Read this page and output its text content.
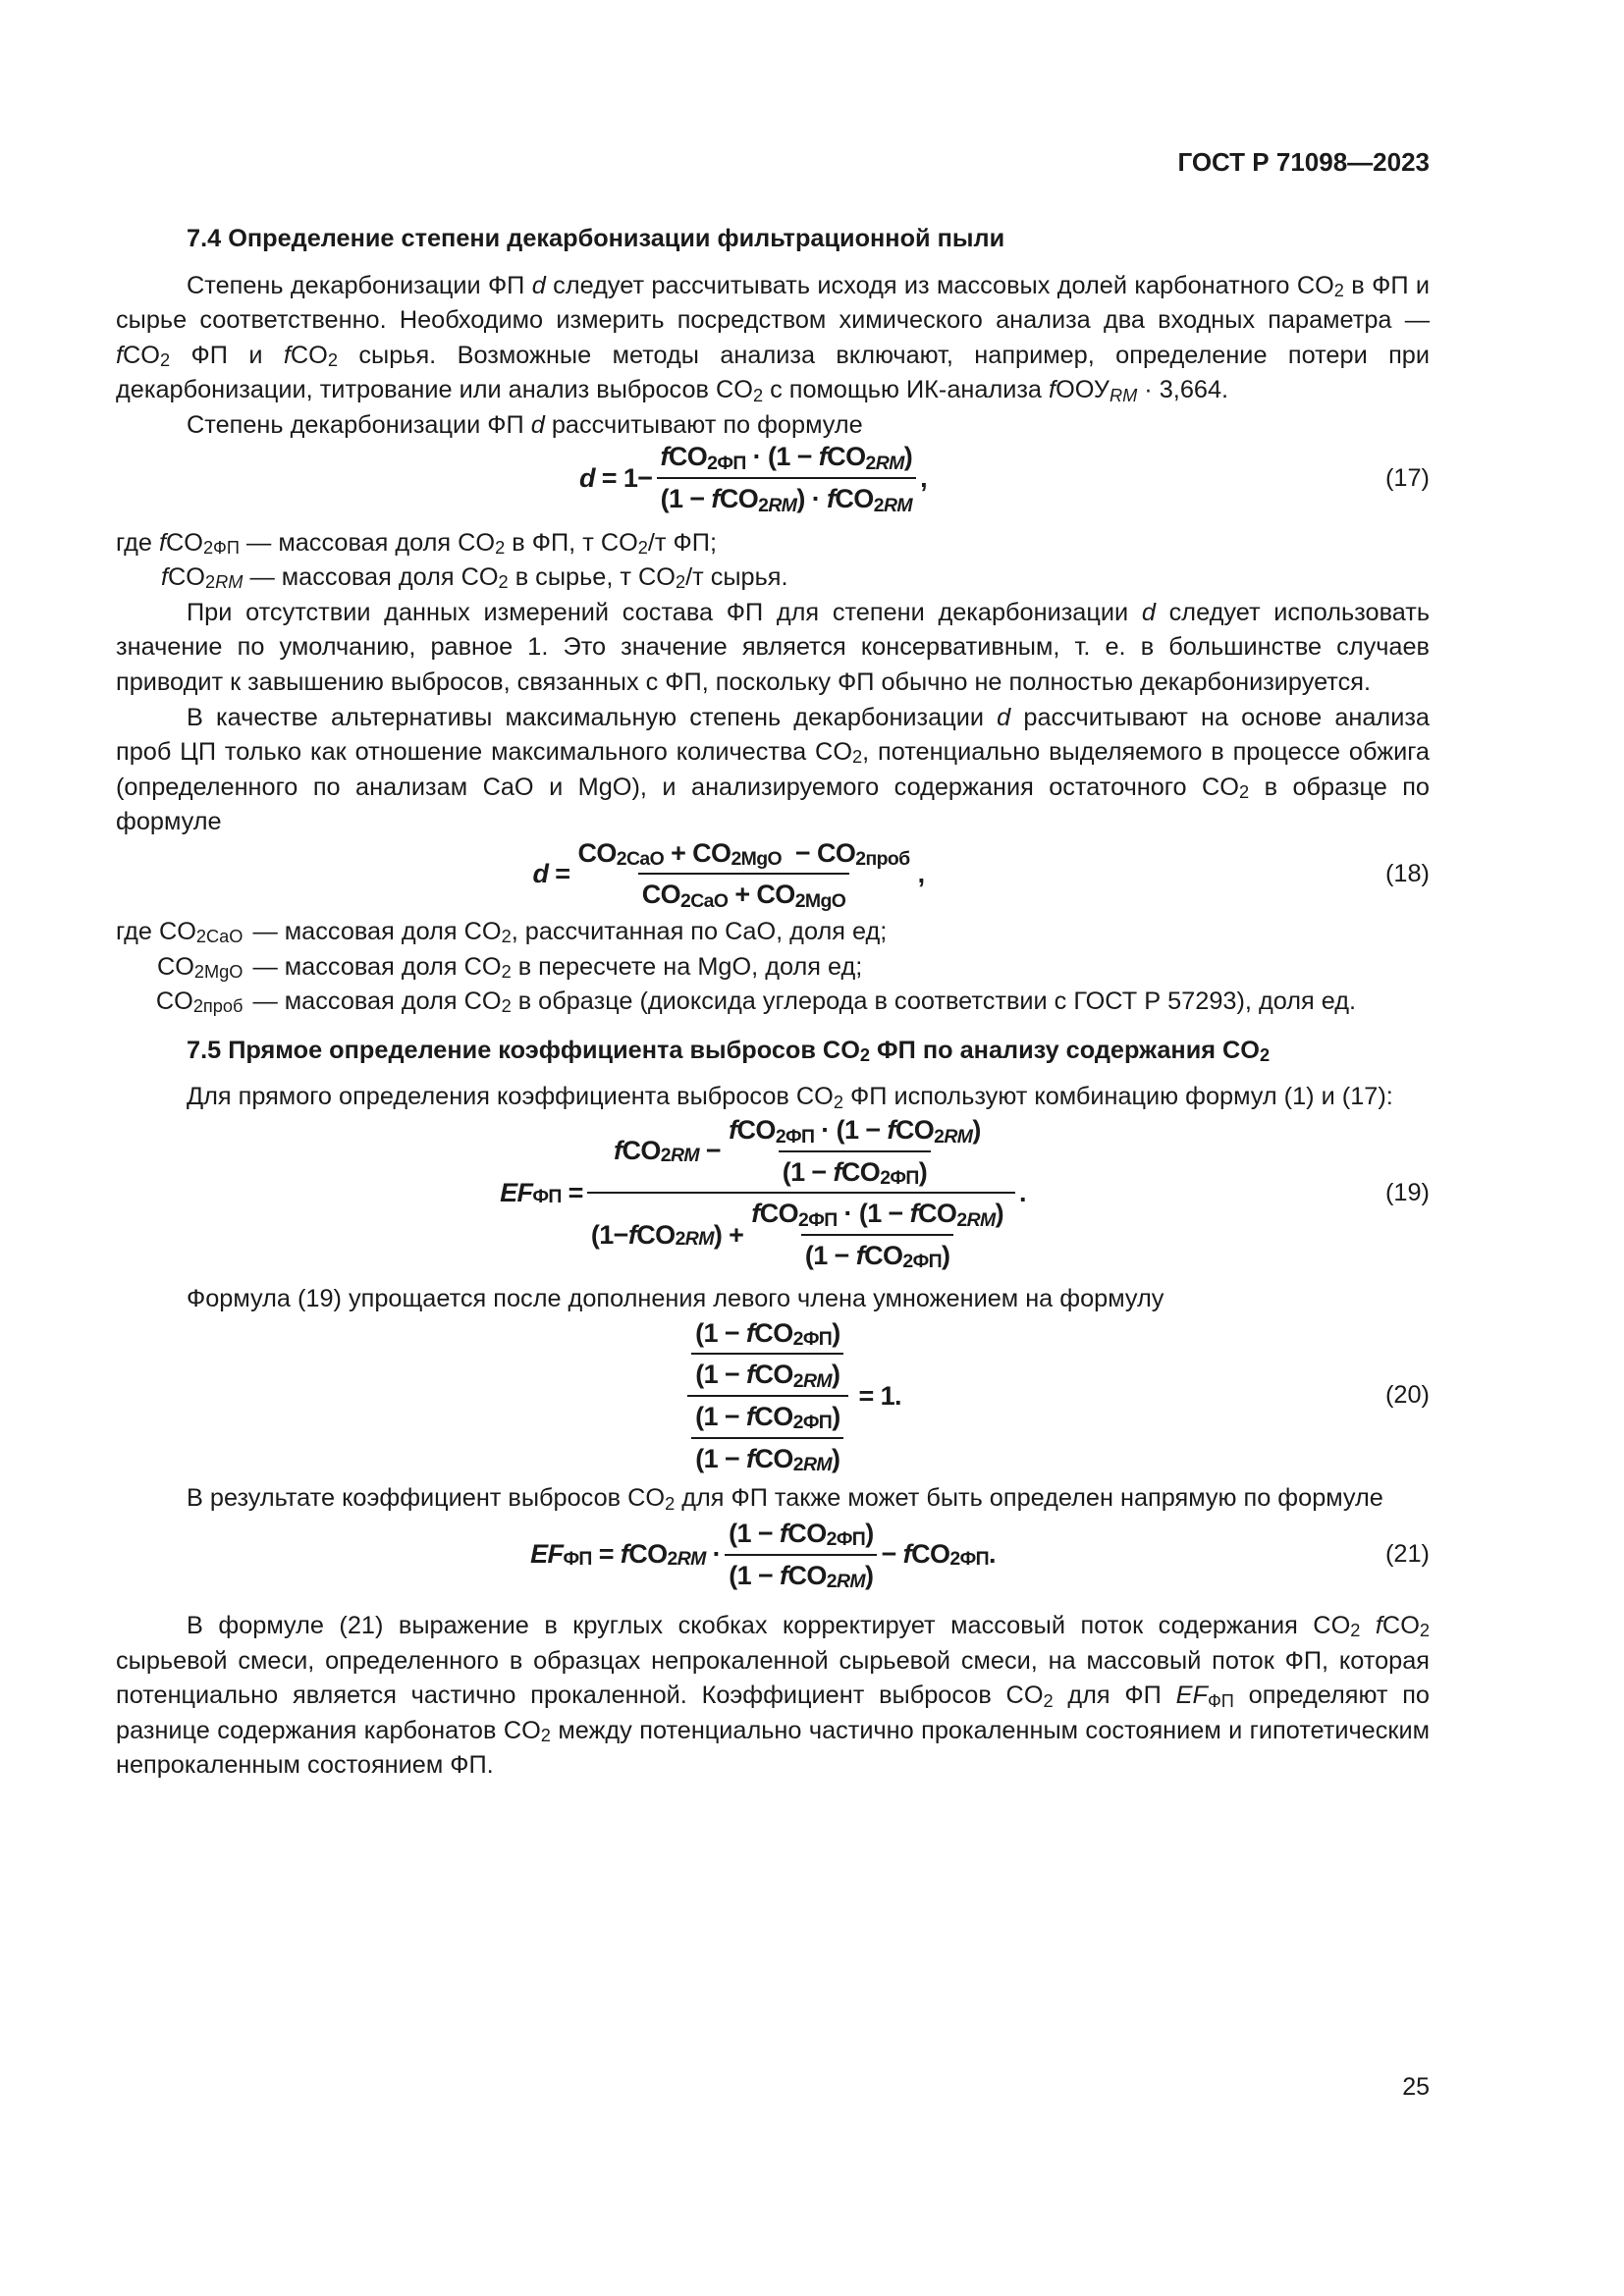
ГОСТ Р 71098—2023

7.4 Определение степени декарбонизации фильтрационной пыли

Степень декарбонизации ФП d следует рассчитывать исходя из массовых долей карбонатного $CO_2$ в ФП и сырье соответственно. Необходимо измерить посредством химического анализа два входных параметра — fCO$_2$ ФП и fCO$_2$ сырья. Возможные методы анализа включают, например, определение потери при декарбонизации, титрование или анализ выбросов $CO_2$ с помощью ИК-анализа fООУ$_{RM}$ · 3,664.

Степень декарбонизации ФП d рассчитывают по формуле

d
=
$1 - \frac{fCO_{2ФП} \cdot (1 - fCO_{2RM})}{(1 - fCO_{2RM}) \cdot fCO_{2RM}}$ ,	(17)

где fCO$_{2ФП}$ — массовая доля $CO_2$ в ФП, т $CO_2/т$ ФП;

fCO$_{2RM}$ — массовая доля $CO_2$ в сырье, т $CO_2/т$ сырья.

При отсутствии данных измерений состава ФП для степени декарбонизации d следует использовать значение по умолчанию, равное 1. Это значение является консервативным, т. е. в большинстве случаев приводит к завышению выбросов, связанных с ФП, поскольку ФП обычно не полностью декарбонизируется.

В качестве альтернативы максимальную степень декарбонизации d рассчитывают на основе анализа проб ЦП только как отношение максимального количества $CO_2$, потенциально выделяемого в процессе обжига (определенного по анализам CaO и MgO), и анализируемого содержания остаточного $CO_2$ в образце по формуле

d
= $\frac{CO_{2CaO} + CO_{2MgO} - CO_{2проб}}{CO_{2CaO} + CO_{2MgO}}$ ,	(18)
где $CO_{2CaO}$ — массовая доля $CO_2$, рассчитанная по CaO, доля ед;
$CO_{2MgO}$ — массовая доля $CO_2$ в пересчете на MgO, доля ед;
$CO_{2проб}$ — массовая доля $CO_2$ в образце (диоксида углерода в соответствии с ГОСТ Р 57293), доля ед.

7.5 Прямое определение коэффициента выбросов $CO_2$ ФП по анализу содержания $CO_2$

Для прямого определения коэффициента выбросов $CO_2$ ФП используют комбинацию формул (1) и (17):

$EF_{ФП}$
=
f CO $_{2RM}$
− $\frac{fCO_{2ФП} \cdot (1 - fCO_{2RM})}{(1 - fCO_{2ФП})}$
( 1 − f CO $_{2RM}$ )
+ $\frac{fCO_{2ФП} \cdot (1 - fCO_{2RM})}{(1 - fCO_{2ФП})}$
.	(19)

Формула (19) упрощается после дополнения левого члена умножением на формулу

$\frac{\frac{(1 - fCO_{2ФП})}{(1 - fCO_{2RM})}}{\frac{(1 - fCO_{2ФП})}{(1 - fCO_{2RM})}}$
=
1 .	(20)

В результате коэффициент выбросов $CO_2$ для ФП также может быть определен напрямую по формуле

$EF_{ФП}$
=
f CO $_{2RM}$
· $\frac{(1 - fCO_{2ФП})}{(1 - fCO_{2RM})}$ −
f $CO_{2ФП}$ .	(21)

В формуле (21) выражение в круглых скобках корректирует массовый поток содержания $CO_2$ fCO$_2$ сырьевой смеси, определенного в образцах непрокаленной сырьевой смеси, на массовый поток ФП, которая потенциально является частично прокаленной. Коэффициент выбросов $CO_2$ для ФП $EF_{ФП}$ определяют по разнице содержания карбонатов $CO_2$ между потенциально частично прокаленным состоянием и гипотетическим непрокаленным состоянием ФП.

25
